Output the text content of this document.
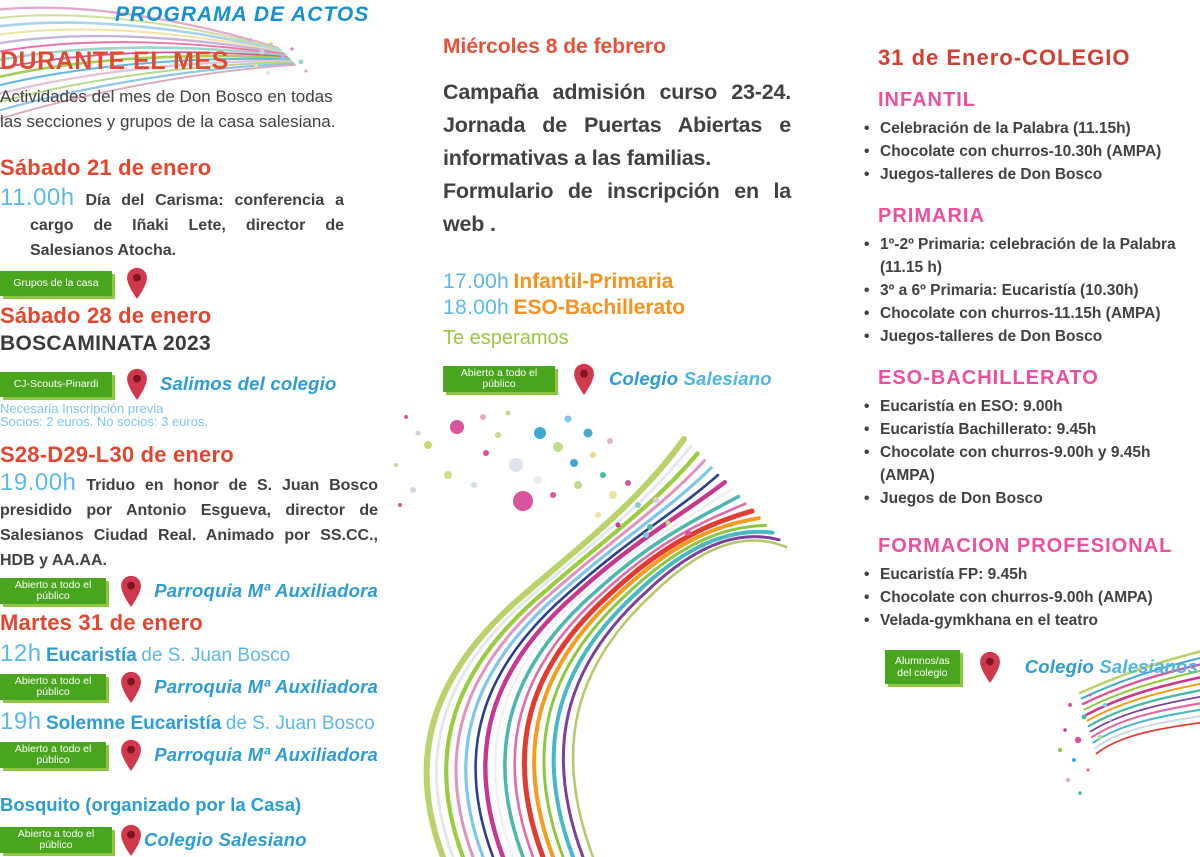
PROGRAMA DE ACTOS
DURANTE EL MES

Actividades del mes de Don Bosco en todas las secciones y grupos de la casa salesiana.

Sábado 21 de enero

11.00h Día del Carisma: conferencia a cargo de Iñaki Lete, director de Salesianos Atocha.

Grupos de la casa
Sábado 28 de enero
BOSCAMINATA 2023
CJ-Scouts-Pinardi	Salimos del colegio
Necesaria Inscripción previa
Socios: 2 euros. No socios: 3 euros.
S28-D29-L30 de enero

19.00h Triduo en honor de S. Juan Bosco presidido por Antonio Esgueva, director de Salesianos Ciudad Real. Animado por SS.CC., HDB y AA.AA.

Abierto a todo el público	Parroquia Mª Auxiliadora
Martes 31 de enero
12h Eucaristía de S. Juan Bosco
Abierto a todo el público	Parroquia Mª Auxiliadora
19h Solemne Eucaristía de S. Juan Bosco
Abierto a todo el público	Parroquia Mª Auxiliadora
Bosquito (organizado por la Casa)
Abierto a todo el público	Colegio Salesiano
Miércoles 8 de febrero

Campaña admisión curso 23-24. Jornada de Puertas Abiertas e informativas a las familias.

Formulario de inscripción en la web .

17.00h Infantil-Primaria
18.00h ESO-Bachillerato
Te esperamos
Abierto a todo el público	Colegio Salesiano
31 de Enero-COLEGIO
INFANTIL
• Celebración de la Palabra (11.15h)
• Chocolate con churros-10.30h (AMPA)
• Juegos-talleres de Don Bosco
PRIMARIA
• 1º-2º Primaria: celebración de la Palabra (11.15 h)
• 3º a 6º Primaria: Eucaristía (10.30h)
• Chocolate con churros-11.15h (AMPA)
• Juegos-talleres de Don Bosco
ESO-BACHILLERATO
• Eucaristía en ESO: 9.00h
• Eucaristía Bachillerato: 9.45h
• Chocolate con churros-9.00h y 9.45h (AMPA)
• Juegos de Don Bosco
FORMACION PROFESIONAL
• Eucaristía FP: 9.45h
• Chocolate con churros-9.00h (AMPA)
• Velada-gymkhana en el teatro
Alumnos/as del colegio	Colegio Salesianos
